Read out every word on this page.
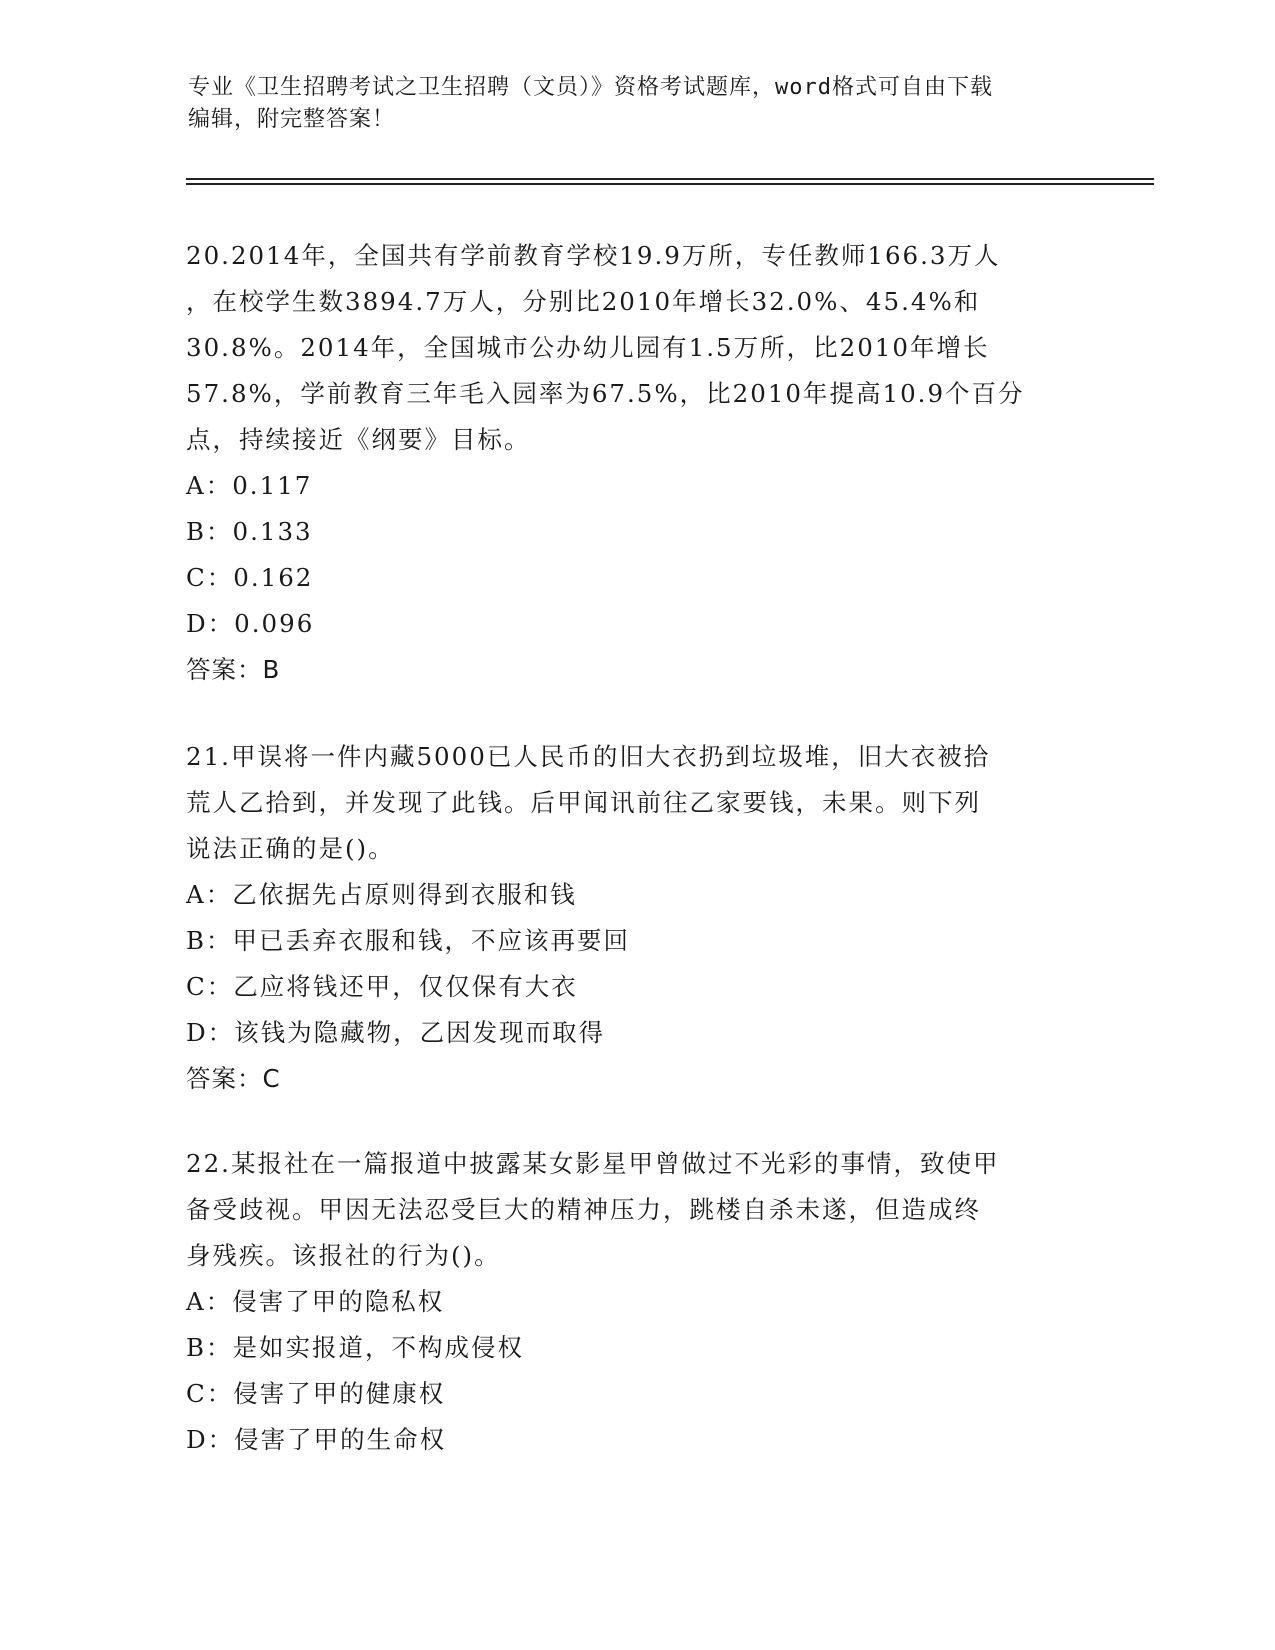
专业《卫生招聘考试之卫生招聘（文员）》资格考试题库，word格式可自由下载
编辑，附完整答案！

20.2014年，全国共有学前教育学校19.9万所，专任教师166.3万人
，在校学生数3894.7万人，分别比2010年增长32.0%、45.4%和
30.8%。2014年，全国城市公办幼儿园有1.5万所，比2010年增长
57.8%，学前教育三年毛入园率为67.5%，比2010年提高10.9个百分
点，持续接近《纲要》目标。

A：0.117

B：0.133

C：0.162

D：0.096

答案：B

21.甲误将一件内藏5000已人民币的旧大衣扔到垃圾堆，旧大衣被拾
荒人乙拾到，并发现了此钱。后甲闻讯前往乙家要钱，未果。则下列
说法正确的是()。

A：乙依据先占原则得到衣服和钱

B：甲已丢弃衣服和钱，不应该再要回

C：乙应将钱还甲，仅仅保有大衣

D：该钱为隐藏物，乙因发现而取得

答案：C

22.某报社在一篇报道中披露某女影星甲曾做过不光彩的事情，致使甲
备受歧视。甲因无法忍受巨大的精神压力，跳楼自杀未遂，但造成终
身残疾。该报社的行为()。

A：侵害了甲的隐私权

B：是如实报道，不构成侵权

C：侵害了甲的健康权

D：侵害了甲的生命权
